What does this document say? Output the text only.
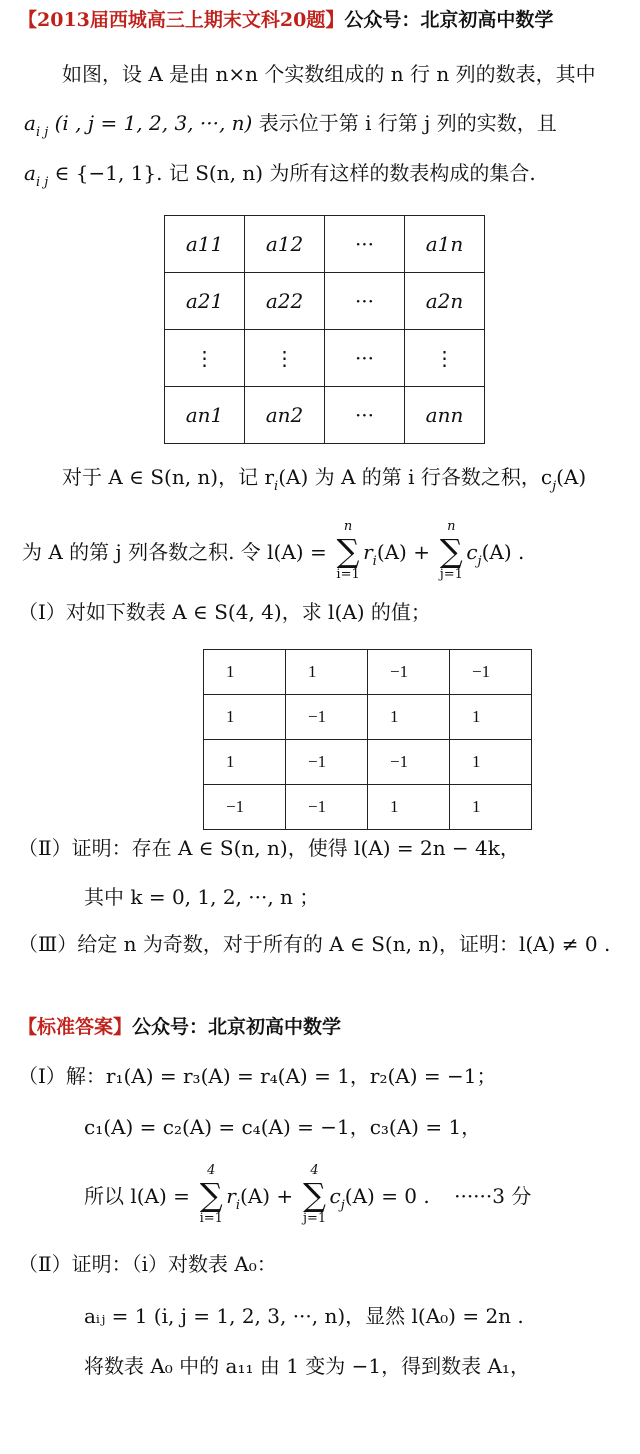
【2013届西城高三上期末文科20题】公众号：北京初高中数学
如图，设 A 是由 n×n 个实数组成的 n 行 n 列的数表，其中
$a_{i j}$ (i , j = 1, 2, 3, ···, n) 表示位于第 i 行第 j 列的实数，且
$a_{i j}$ ∈ {−1, 1}. 记 S(n, n) 为所有这样的数表构成的集合.
a11	a12	···	a1n
a21	a22	···	a2n
⋮	⋮	···	⋮
an1	an2	···	ann
对于 A ∈ S(n, n)，记 $r_i(A)$ 为 A 的第 i 行各数之积，$c_j(A)$
为 A 的第 j 列各数之积. 令 l(A) =
n
∑
i=1
$r_i(A)$ +
n
∑
j=1
$c_j(A)$ .
（Ⅰ）对如下数表 A ∈ S(4, 4)，求 l(A) 的值；
1	1	−1	−1
1	−1	1	1
1	−1	−1	1
−1	−1	1	1
（Ⅱ）证明：存在 A ∈ S(n, n)，使得 l(A) = 2n − 4k，
其中 k = 0, 1, 2, ···, n ；
（Ⅲ）给定 n 为奇数，对于所有的 A ∈ S(n, n)，证明：l(A) ≠ 0 .
【标准答案】公众号：北京初高中数学
（Ⅰ）解：r₁(A) = r₃(A) = r₄(A) = 1，r₂(A) = −1；
c₁(A) = c₂(A) = c₄(A) = −1，c₃(A) = 1，
所以 l(A) =
4
∑
i=1
$r_i(A)$ +
4
∑
j=1
$c_j(A) = 0$ . ······3 分
（Ⅱ）证明：（ⅰ）对数表 A₀：
aᵢⱼ = 1 (i, j = 1, 2, 3, ···, n)，显然 l(A₀) = 2n .
将数表 A₀ 中的 a₁₁ 由 1 变为 −1，得到数表 A₁，
